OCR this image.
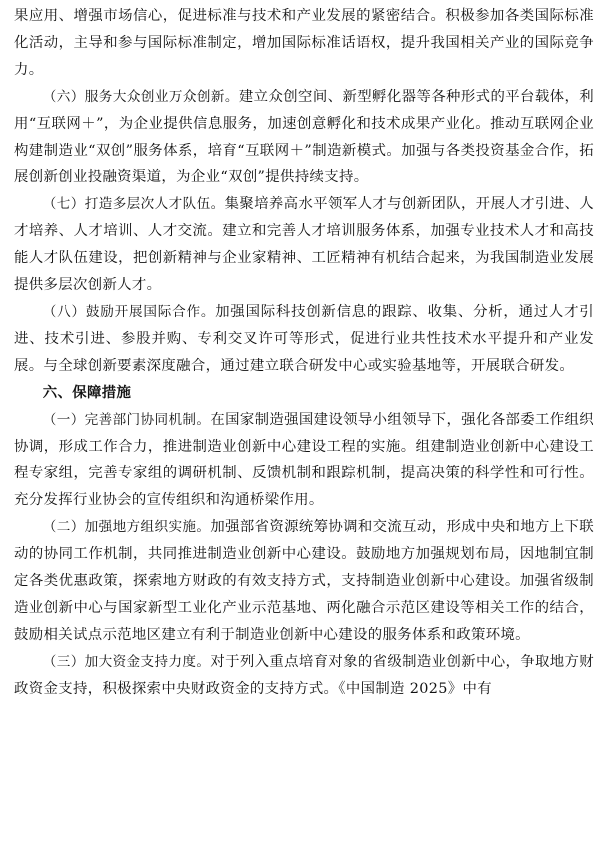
果应用、增强市场信心，促进标准与技术和产业发展的紧密结合。积极参加各类国际标准化活动，主导和参与国际标准制定，增加国际标准话语权，提升我国相关产业的国际竞争力。

（六）服务大众创业万众创新。建立众创空间、新型孵化器等各种形式的平台载体，利用“互联网＋”，为企业提供信息服务，加速创意孵化和技术成果产业化。推动互联网企业构建制造业“双创”服务体系，培育“互联网＋”制造新模式。加强与各类投资基金合作，拓展创新创业投融资渠道，为企业“双创”提供持续支持。

（七）打造多层次人才队伍。集聚培养高水平领军人才与创新团队，开展人才引进、人才培养、人才培训、人才交流。建立和完善人才培训服务体系，加强专业技术人才和高技能人才队伍建设，把创新精神与企业家精神、工匠精神有机结合起来，为我国制造业发展提供多层次创新人才。

（八）鼓励开展国际合作。加强国际科技创新信息的跟踪、收集、分析，通过人才引进、技术引进、参股并购、专利交叉许可等形式，促进行业共性技术水平提升和产业发展。与全球创新要素深度融合，通过建立联合研发中心或实验基地等，开展联合研发。

六、保障措施

（一）完善部门协同机制。在国家制造强国建设领导小组领导下，强化各部委工作组织协调，形成工作合力，推进制造业创新中心建设工程的实施。组建制造业创新中心建设工程专家组，完善专家组的调研机制、反馈机制和跟踪机制，提高决策的科学性和可行性。充分发挥行业协会的宣传组织和沟通桥梁作用。

（二）加强地方组织实施。加强部省资源统筹协调和交流互动，形成中央和地方上下联动的协同工作机制，共同推进制造业创新中心建设。鼓励地方加强规划布局，因地制宜制定各类优惠政策，探索地方财政的有效支持方式，支持制造业创新中心建设。加强省级制造业创新中心与国家新型工业化产业示范基地、两化融合示范区建设等相关工作的结合，鼓励相关试点示范地区建立有利于制造业创新中心建设的服务体系和政策环境。

（三）加大资金支持力度。对于列入重点培育对象的省级制造业创新中心，争取地方财政资金支持，积极探索中央财政资金的支持方式。《中国制造 2025》中有
